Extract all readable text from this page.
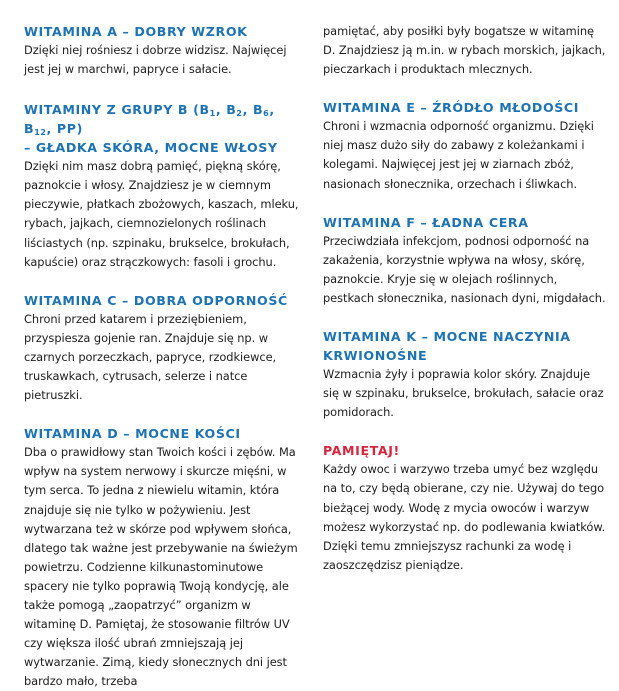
WITAMINA A – DOBRY WZROK

Dzięki niej rośniesz i dobrze widzisz. Najwięcej jest jej w marchwi, papryce i sałacie.

WITAMINY Z GRUPY B ($B_1$, $B_2$, $B_6$, $B_{12}$, PP)
– GŁADKA SKÓRA, MOCNE WŁOSY

Dzięki nim masz dobrą pamięć, piękną skórę, paznokcie i włosy. Znajdziesz je w ciemnym pieczywie, płatkach zbożowych, kaszach, mleku, rybach, jajkach, ciemnozielonych roślinach liściastych (np. szpinaku, brukselce, brokułach, kapuście) oraz strączkowych: fasoli i grochu.

WITAMINA C – DOBRA ODPORNOŚĆ

Chroni przed katarem i przeziębieniem, przyspiesza gojenie ran. Znajduje się np. w czarnych porzeczkach, papryce, rzodkiewce, truskawkach, cytrusach, selerze i natce pietruszki.

WITAMINA D – MOCNE KOŚCI

Dba o prawidłowy stan Twoich kości i zębów. Ma wpływ na system nerwowy i skurcze mięśni, w tym serca. To jedna z niewielu witamin, która znajduje się nie tylko w pożywieniu. Jest wytwarzana też w skórze pod wpływem słońca, dlatego tak ważne jest przebywanie na świeżym powietrzu. Codzienne kilkunastominutowe spacery nie tylko poprawią Twoją kondycję, ale także pomogą „zaopatrzyć” organizm w witaminę D. Pamiętaj, że stosowanie filtrów UV czy większa ilość ubrań zmniejszają jej wytwarzanie. Zimą, kiedy słonecznych dni jest bardzo mało, trzeba

pamiętać, aby posiłki były bogatsze w witaminę D. Znajdziesz ją m.in. w rybach morskich, jajkach, pieczarkach i produktach mlecznych.

WITAMINA E – ŹRÓDŁO MŁODOŚCI

Chroni i wzmacnia odporność organizmu. Dzięki niej masz dużo siły do zabawy z koleżankami i kolegami. Najwięcej jest jej w ziarnach zbóż, nasionach słonecznika, orzechach i śliwkach.

WITAMINA F – ŁADNA CERA

Przeciwdziała infekcjom, podnosi odporność na zakażenia, korzystnie wpływa na włosy, skórę, paznokcie. Kryje się w olejach roślinnych, pestkach słonecznika, nasionach dyni, migdałach.

WITAMINA K – MOCNE NACZYNIA KRWIONOŚNE

Wzmacnia żyły i poprawia kolor skóry. Znajduje się w szpinaku, brukselce, brokułach, sałacie oraz pomidorach.

PAMIĘTAJ!

Każdy owoc i warzywo trzeba umyć bez względu na to, czy będą obierane, czy nie. Używaj do tego bieżącej wody. Wodę z mycia owoców i warzyw możesz wykorzystać np. do podlewania kwiatków. Dzięki temu zmniejszysz rachunki za wodę i zaoszczędzisz pieniądze.
